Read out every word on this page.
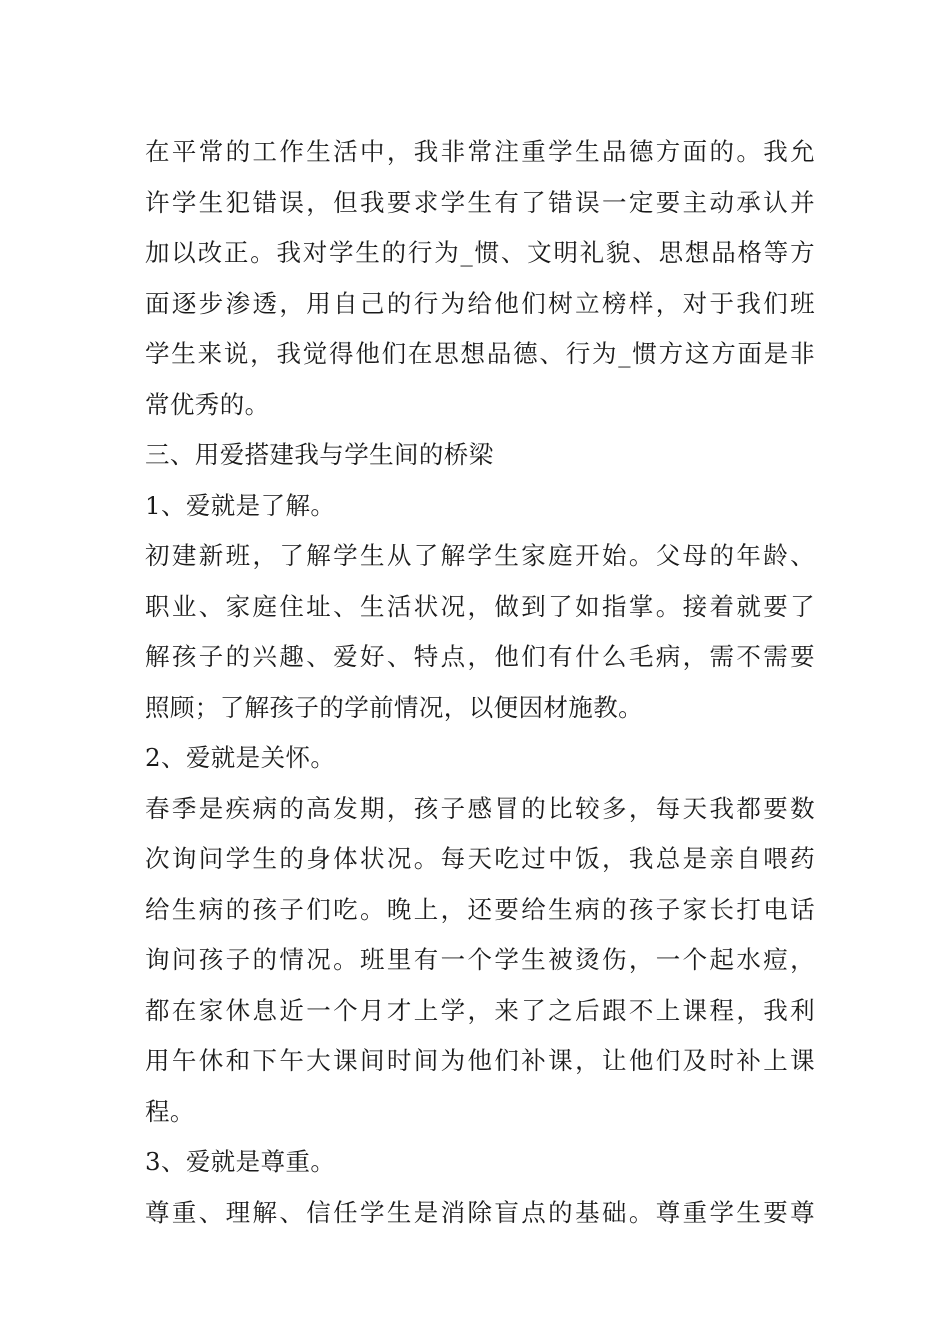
在平常的工作生活中，我非常注重学生品德方面的。我允
许学生犯错误，但我要求学生有了错误一定要主动承认并
加以改正。我对学生的行为_惯、文明礼貌、思想品格等方
面逐步渗透，用自己的行为给他们树立榜样，对于我们班
学生来说，我觉得他们在思想品德、行为_惯方这方面是非
常优秀的。
三、用爱搭建我与学生间的桥梁
1、爱就是了解。
初建新班，了解学生从了解学生家庭开始。父母的年龄、
职业、家庭住址、生活状况，做到了如指掌。接着就要了
解孩子的兴趣、爱好、特点，他们有什么毛病，需不需要
照顾；了解孩子的学前情况，以便因材施教。
2、爱就是关怀。
春季是疾病的高发期，孩子感冒的比较多，每天我都要数
次询问学生的身体状况。每天吃过中饭，我总是亲自喂药
给生病的孩子们吃。晚上，还要给生病的孩子家长打电话
询问孩子的情况。班里有一个学生被烫伤，一个起水痘，
都在家休息近一个月才上学，来了之后跟不上课程，我利
用午休和下午大课间时间为他们补课，让他们及时补上课
程。
3、爱就是尊重。
尊重、理解、信任学生是消除盲点的基础。尊重学生要尊
